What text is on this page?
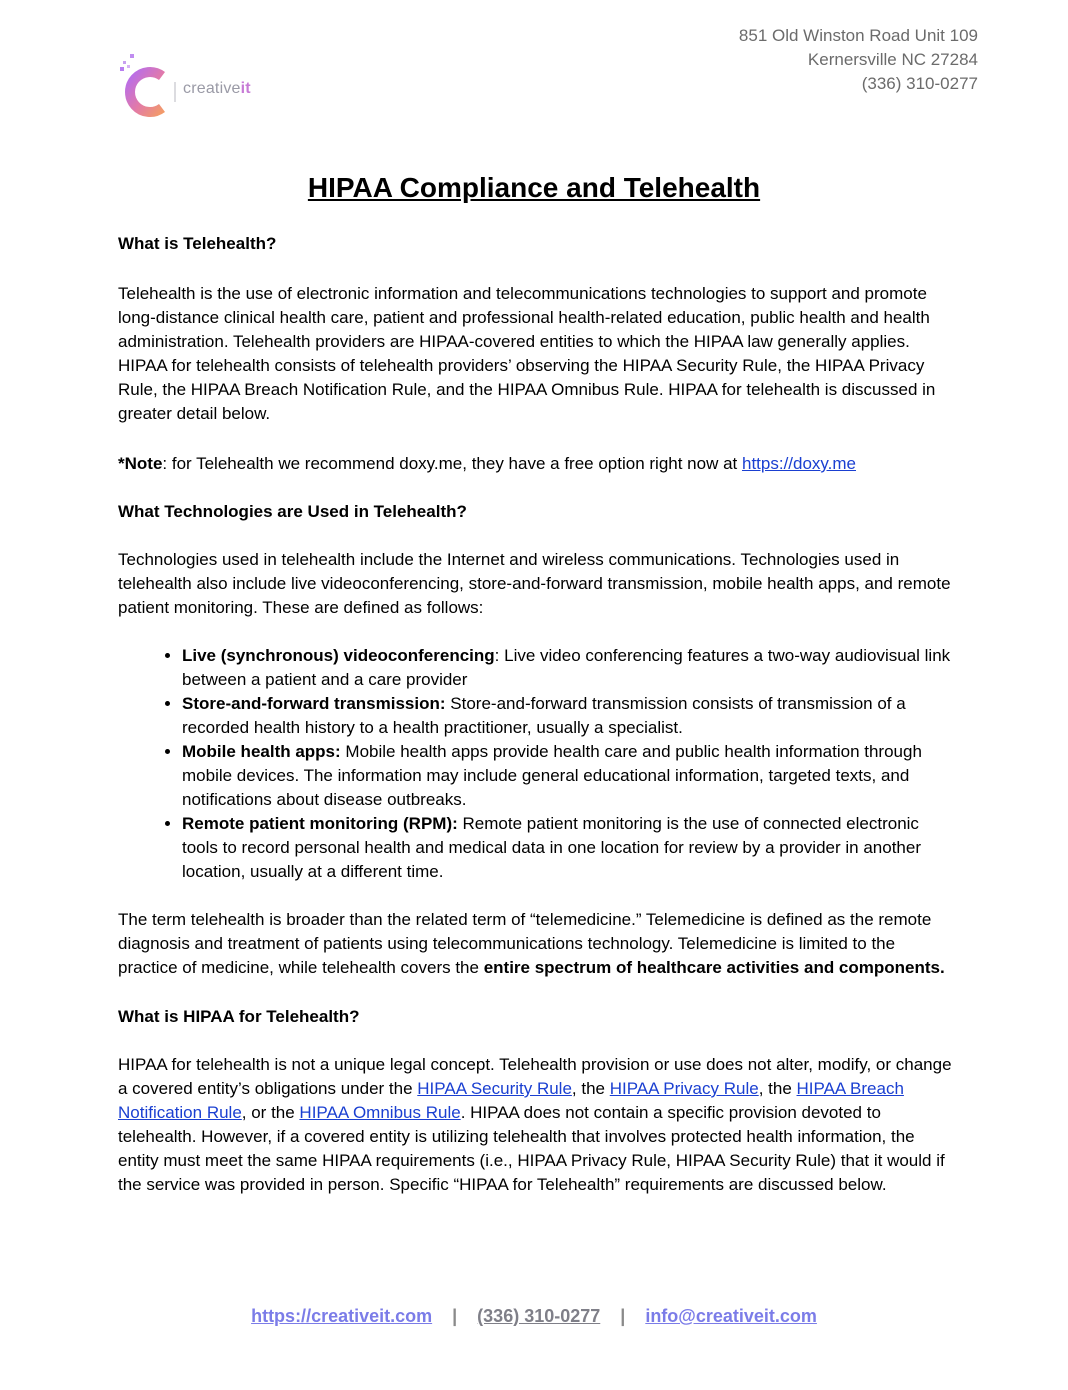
creativeit
851 Old Winston Road Unit 109
Kernersville NC 27284
(336) 310-0277
HIPAA Compliance and Telehealth

What is Telehealth?

Telehealth is the use of electronic information and telecommunications technologies to support and promote long-distance clinical health care, patient and professional health-related education, public health and health administration. Telehealth providers are HIPAA-covered entities to which the HIPAA law generally applies. HIPAA for telehealth consists of telehealth providers’ observing the HIPAA Security Rule, the HIPAA Privacy Rule, the HIPAA Breach Notification Rule, and the HIPAA Omnibus Rule. HIPAA for telehealth is discussed in greater detail below.

*Note: for Telehealth we recommend doxy.me, they have a free option right now at https://doxy.me

What Technologies are Used in Telehealth?

Technologies used in telehealth include the Internet and wireless communications. Technologies used in telehealth also include live videoconferencing, store-and-forward transmission, mobile health apps, and remote patient monitoring. These are defined as follows:

• Live (synchronous) videoconferencing: Live video conferencing features a two-way audiovisual link between a patient and a care provider
• Store-and-forward transmission: Store-and-forward transmission consists of transmission of a recorded health history to a health practitioner, usually a specialist.
• Mobile health apps: Mobile health apps provide health care and public health information through mobile devices. The information may include general educational information, targeted texts, and notifications about disease outbreaks.
• Remote patient monitoring (RPM): Remote patient monitoring is the use of connected electronic tools to record personal health and medical data in one location for review by a provider in another location, usually at a different time.

The term telehealth is broader than the related term of “telemedicine.” Telemedicine is defined as the remote diagnosis and treatment of patients using telecommunications technology. Telemedicine is limited to the practice of medicine, while telehealth covers the entire spectrum of healthcare activities and components.

What is HIPAA for Telehealth?

HIPAA for telehealth is not a unique legal concept. Telehealth provision or use does not alter, modify, or change a covered entity’s obligations under the HIPAA Security Rule, the HIPAA Privacy Rule, the HIPAA Breach Notification Rule, or the HIPAA Omnibus Rule. HIPAA does not contain a specific provision devoted to telehealth. However, if a covered entity is utilizing telehealth that involves protected health information, the entity must meet the same HIPAA requirements (i.e., HIPAA Privacy Rule, HIPAA Security Rule) that it would if the service was provided in person. Specific “HIPAA for Telehealth” requirements are discussed below.

https://creativeit.com | (336) 310-0277 | info@creativeit.com
